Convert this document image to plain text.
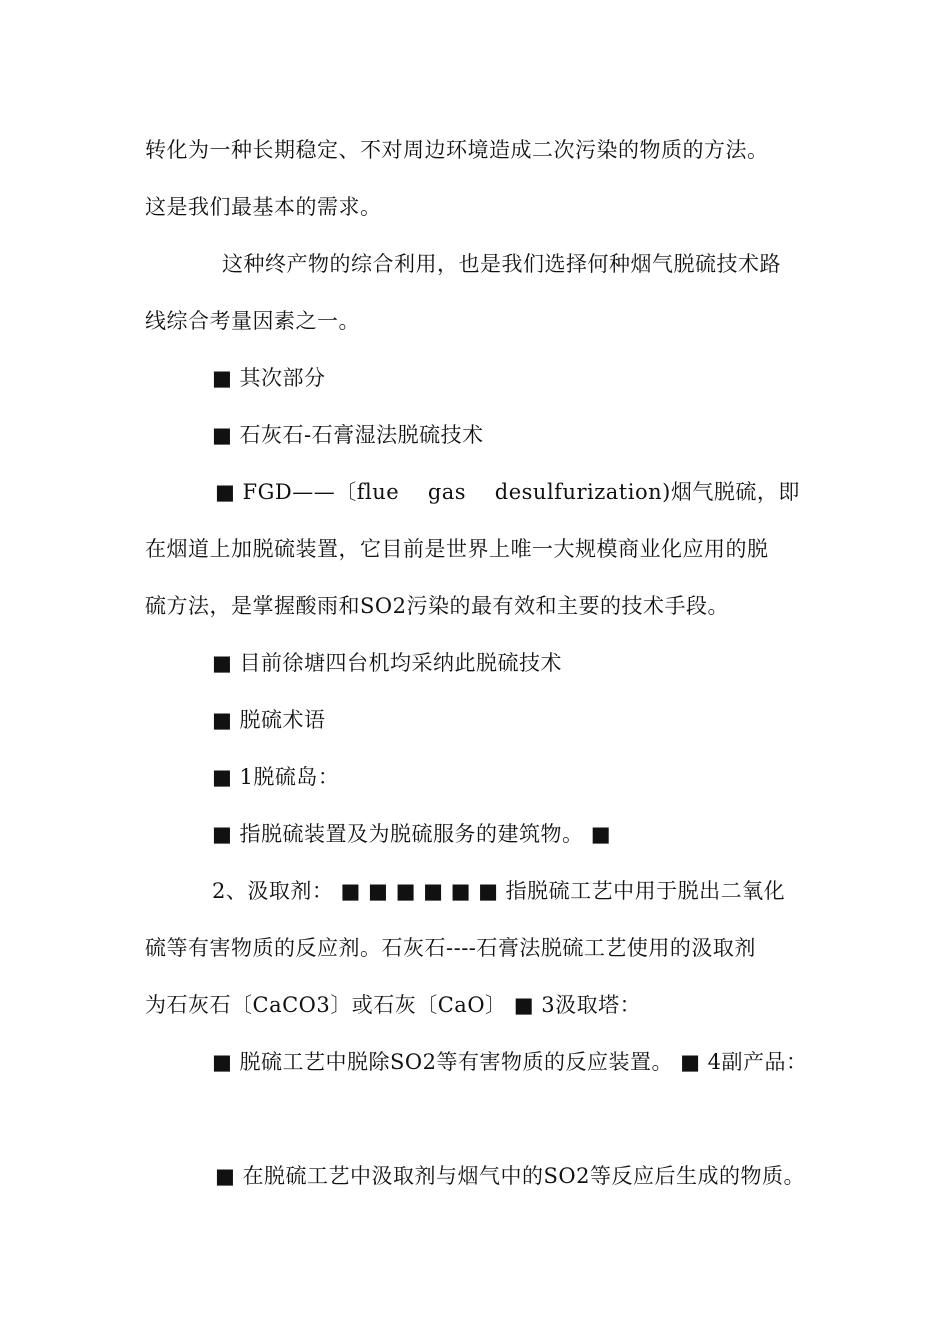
转化为一种长期稳定、不对周边环境造成二次污染的物质的方法。
这是我们最基本的需求。
这种终产物的综合利用，也是我们选择何种烟气脱硫技术路
线综合考量因素之一。
■ 其次部分
■ 石灰石-石膏湿法脱硫技术
■ FGD——〔flue    gas    desulfurization)烟气脱硫，即
在烟道上加脱硫装置，它目前是世界上唯一大规模商业化应用的脱
硫方法，是掌握酸雨和SO2污染的最有效和主要的技术手段。
■ 目前徐塘四台机均采纳此脱硫技术
■ 脱硫术语
■ 1脱硫岛：
■ 指脱硫装置及为脱硫服务的建筑物。 ■
2、汲取剂： ■ ■ ■ ■ ■ ■ 指脱硫工艺中用于脱出二氧化
硫等有害物质的反应剂。石灰石----石膏法脱硫工艺使用的汲取剂
为石灰石〔CaCO3〕或石灰〔CaO〕 ■ 3汲取塔：
■ 脱硫工艺中脱除SO2等有害物质的反应装置。 ■ 4副产品：
■ 在脱硫工艺中汲取剂与烟气中的SO2等反应后生成的物质。
